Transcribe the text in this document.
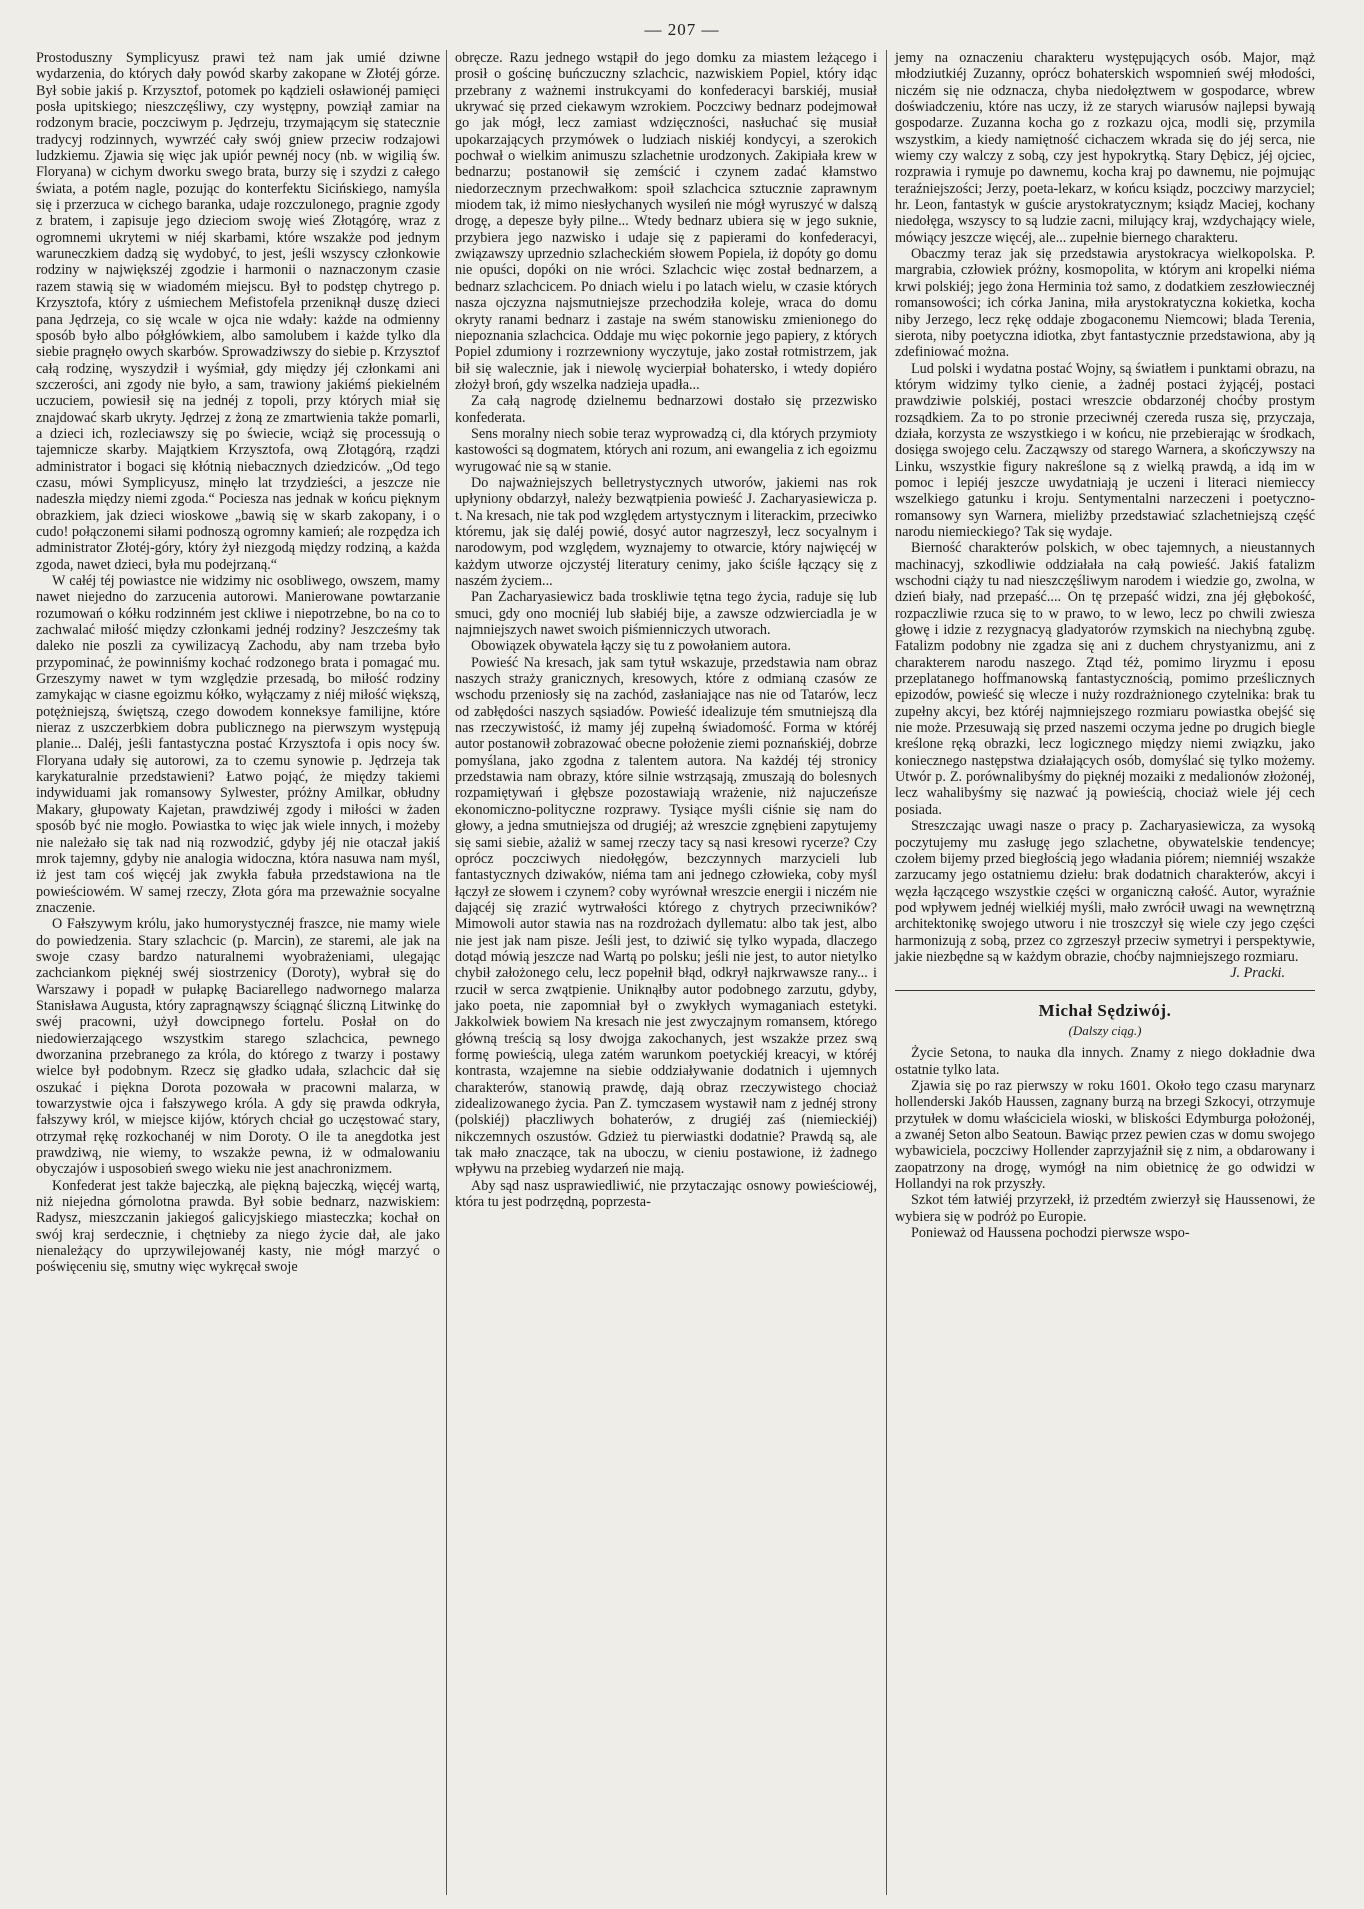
— 207 —

Prostoduszny Symplicyusz prawi też nam jak umié dziwne wydarzenia, do których dały powód skarby zakopane w Złotéj górze. Był sobie jakiś p. Krzysztof, potomek po kądzieli osławionéj pamięci posła upitskiego; nieszczęśliwy, czy występny, powziął zamiar na rodzonym bracie, poczciwym p. Jędrzeju, trzymającym się statecznie tradycyj rodzinnych, wywrzéć cały swój gniew przeciw rodzajowi ludzkiemu. Zjawia się więc jak upiór pewnéj nocy (nb. w wigilią św. Floryana) w cichym dworku swego brata, burzy się i szydzi z całego świata, a potém nagle, pozując do konterfektu Sicińskiego, namyśla się i przerzuca w cichego baranka, udaje rozczulonego, pragnie zgody z bratem, i zapisuje jego dzieciom swoję wieś Złotągórę, wraz z ogromnemi ukrytemi w niéj skarbami, które wszakże pod jednym waruneczkiem dadzą się wydobyć, to jest, jeśli wszyscy członkowie rodziny w największéj zgodzie i harmonii o naznaczonym czasie razem stawią się w wiadomém miejscu. Był to podstęp chytrego p. Krzysztofa, który z uśmiechem Mefistofela przeniknął duszę dzieci pana Jędrzeja, co się wcale w ojca nie wdały: każde na odmienny sposób było albo półgłówkiem, albo samolubem i każde tylko dla siebie pragnęło owych skarbów. Sprowadziwszy do siebie p. Krzysztof całą rodzinę, wyszydził i wyśmiał, gdy między jéj członkami ani szczerości, ani zgody nie było, a sam, trawiony jakiémś piekielném uczuciem, powiesił się na jednéj z topoli, przy których miał się znajdować skarb ukryty. Jędrzej z żoną ze zmartwienia także pomarli, a dzieci ich, rozleciawszy się po świecie, wciąż się processują o tajemnicze skarby. Majątkiem Krzysztofa, ową Złotągórą, rządzi administrator i bogaci się kłótnią niebacznych dziedziców. „Od tego czasu, mówi Symplicyusz, minęło lat trzydzieści, a jeszcze nie nadeszła między niemi zgoda.“ Pociesza nas jednak w końcu pięknym obrazkiem, jak dzieci wioskowe „bawią się w skarb zakopany, i o cudo! połączonemi siłami podnoszą ogromny kamień; ale rozpędza ich administrator Złotéj-góry, który żył niezgodą między rodziną, a każda zgoda, nawet dzieci, była mu podejrzaną.“

W całéj téj powiastce nie widzimy nic osobliwego, owszem, mamy nawet niejedno do zarzucenia autorowi. Manierowane powtarzanie rozumowań o kółku rodzinném jest ckliwe i niepotrzebne, bo na co to zachwalać miłość między członkami jednéj rodziny? Jeszcześmy tak daleko nie poszli za cywilizacyą Zachodu, aby nam trzeba było przypominać, że powinniśmy kochać rodzonego brata i pomagać mu. Grzeszymy nawet w tym względzie przesadą, bo miłość rodziny zamykając w ciasne egoizmu kółko, wyłączamy z niéj miłość większą, potężniejszą, świętszą, czego dowodem konneksye familijne, które nieraz z uszczerbkiem dobra publicznego na pierwszym występują planie... Daléj, jeśli fantastyczna postać Krzysztofa i opis nocy św. Floryana udały się autorowi, za to czemu synowie p. Jędrzeja tak karykaturalnie przedstawieni? Łatwo pojąć, że między takiemi indywiduami jak romansowy Sylwester, próżny Amilkar, obłudny Makary, głupowaty Kajetan, prawdziwéj zgody i miłości w żaden sposób być nie mogło. Powiastka to więc jak wiele innych, i możeby nie należało się tak nad nią rozwodzić, gdyby jéj nie otaczał jakiś mrok tajemny, gdyby nie analogia widoczna, która nasuwa nam myśl, iż jest tam coś więcéj jak zwykła fabuła przedstawiona na tle powieściowém. W samej rzeczy, Złota góra ma przeważnie socyalne znaczenie.

O Fałszywym królu, jako humorystycznéj fraszce, nie mamy wiele do powiedzenia. Stary szlachcic (p. Marcin), ze staremi, ale jak na swoje czasy bardzo naturalnemi wyobrażeniami, ulegając zachciankom pięknéj swéj siostrzenicy (Doroty), wybrał się do Warszawy i popadł w pułapkę Baciarellego nadwornego malarza Stanisława Augusta, który zapragnąwszy ściągnąć śliczną Litwinkę do swéj pracowni, użył dowcipnego fortelu. Posłał on do niedowierzającego wszystkim starego szlachcica, pewnego dworzanina przebranego za króla, do którego z twarzy i postawy wielce był podobnym. Rzecz się gładko udała, szlachcic dał się oszukać i piękna Dorota pozowała w pracowni malarza, w towarzystwie ojca i fałszywego króla. A gdy się prawda odkryła, fałszywy król, w miejsce kijów, których chciał go uczęstować stary, otrzymał rękę rozkochanéj w nim Doroty. O ile ta anegdotka jest prawdziwą, nie wiemy, to wszakże pewna, iż w odmalowaniu obyczajów i usposobień swego wieku nie jest anachronizmem.

Konfederat jest także bajeczką, ale piękną bajeczką, więcéj wartą, niż niejedna górnolotna prawda. Był sobie bednarz, nazwiskiem: Radysz, mieszczanin jakiegoś galicyjskiego miasteczka; kochał on swój kraj serdecznie, i chętnieby za niego życie dał, ale jako nienależący do uprzywilejowanéj kasty, nie mógł marzyć o poświęceniu się, smutny więc wykręcał swoje

obręcze. Razu jednego wstąpił do jego domku za miastem leżącego i prosił o gościnę buńczuczny szlachcic, nazwiskiem Popiel, który idąc przebrany z ważnemi instrukcyami do konfederacyi barskiéj, musiał ukrywać się przed ciekawym wzrokiem. Poczciwy bednarz podejmował go jak mógł, lecz zamiast wdzięczności, nasłuchać się musiał upokarzających przymówek o ludziach niskiéj kondycyi, a szerokich pochwał o wielkim animuszu szlachetnie urodzonych. Zakipiała krew w bednarzu; postanowił się zemścić i czynem zadać kłamstwo niedorzecznym przechwałkom: spoił szlachcica sztucznie zaprawnym miodem tak, iż mimo niesłychanych wysileń nie mógł wyruszyć w dalszą drogę, a depesze były pilne... Wtedy bednarz ubiera się w jego suknie, przybiera jego nazwisko i udaje się z papierami do konfederacyi, związawszy uprzednio szlacheckiém słowem Popiela, iż dopóty go domu nie opuści, dopóki on nie wróci. Szlachcic więc został bednarzem, a bednarz szlachcicem. Po dniach wielu i po latach wielu, w czasie których nasza ojczyzna najsmutniejsze przechodziła koleje, wraca do domu okryty ranami bednarz i zastaje na swém stanowisku zmienionego do niepoznania szlachcica. Oddaje mu więc pokornie jego papiery, z których Popiel zdumiony i rozrzewniony wyczytuje, jako został rotmistrzem, jak bił się walecznie, jak i niewolę wycierpiał bohatersko, i wtedy dopiéro złożył broń, gdy wszelka nadzieja upadła...

Za całą nagrodę dzielnemu bednarzowi dostało się przezwisko konfederata.

Sens moralny niech sobie teraz wyprowadzą ci, dla których przymioty kastowości są dogmatem, których ani rozum, ani ewangelia z ich egoizmu wyrugować nie są w stanie.

Do najważniejszych belletrystycznych utworów, jakiemi nas rok upłyniony obdarzył, należy bezwątpienia powieść J. Zacharyasiewicza p. t. Na kresach, nie tak pod względem artystycznym i literackim, przeciwko któremu, jak się daléj powié, dosyć autor nagrzeszył, lecz socyalnym i narodowym, pod względem, wyznajemy to otwarcie, który najwięcéj w każdym utworze ojczystéj literatury cenimy, jako ściśle łączący się z naszém życiem...

Pan Zacharyasiewicz bada troskliwie tętna tego życia, raduje się lub smuci, gdy ono mocniéj lub słabiéj bije, a zawsze odzwierciadla je w najmniejszych nawet swoich piśmienniczych utworach.

Obowiązek obywatela łączy się tu z powołaniem autora.

Powieść Na kresach, jak sam tytuł wskazuje, przedstawia nam obraz naszych straży granicznych, kresowych, które z odmianą czasów ze wschodu przeniosły się na zachód, zasłaniające nas nie od Tatarów, lecz od zabłędości naszych sąsiadów. Powieść idealizuje tém smutniejszą dla nas rzeczywistość, iż mamy jéj zupełną świadomość. Forma w któréj autor postanowił zobrazować obecne położenie ziemi poznańskiéj, dobrze pomyślana, jako zgodna z talentem autora. Na każdéj téj stronicy przedstawia nam obrazy, które silnie wstrząsają, zmuszają do bolesnych rozpamiętywań i głębsze pozostawiają wrażenie, niż najuczeńsze ekonomiczno-polityczne rozprawy. Tysiące myśli ciśnie się nam do głowy, a jedna smutniejsza od drugiéj; aż wreszcie zgnębieni zapytujemy się sami siebie, ażaliż w samej rzeczy tacy są nasi kresowi rycerze? Czy oprócz poczciwych niedołęgów, bezczynnych marzycieli lub fantastycznych dziwaków, niéma tam ani jednego człowieka, coby myśl łączył ze słowem i czynem? coby wyrównał wreszcie energii i niczém nie dającéj się zrazić wytrwałości którego z chytrych przeciwników? Mimowoli autor stawia nas na rozdrożach dyllematu: albo tak jest, albo nie jest jak nam pisze. Jeśli jest, to dziwić się tylko wypada, dlaczego dotąd mówią jeszcze nad Wartą po polsku; jeśli nie jest, to autor nietylko chybił założonego celu, lecz popełnił błąd, odkrył najkrwawsze rany... i rzucił w serca zwątpienie. Uniknąłby autor podobnego zarzutu, gdyby, jako poeta, nie zapomniał był o zwykłych wymaganiach estetyki. Jakkolwiek bowiem Na kresach nie jest zwyczajnym romansem, którego główną treścią są losy dwojga zakochanych, jest wszakże przez swą formę powieścią, ulega zatém warunkom poetyckiéj kreacyi, w któréj kontrasta, wzajemne na siebie oddziaływanie dodatnich i ujemnych charakterów, stanowią prawdę, dają obraz rzeczywistego chociaż zidealizowanego życia. Pan Z. tymczasem wystawił nam z jednéj strony (polskiéj) płaczliwych bohaterów, z drugiéj zaś (niemieckiéj) nikczemnych oszustów. Gdzież tu pierwiastki dodatnie? Prawdą są, ale tak mało znaczące, tak na uboczu, w cieniu postawione, iż żadnego wpływu na przebieg wydarzeń nie mają.

Aby sąd nasz usprawiedliwić, nie przytaczając osnowy powieściowéj, która tu jest podrzędną, poprzesta-

jemy na oznaczeniu charakteru występujących osób. Major, mąż młodziutkiéj Zuzanny, oprócz bohaterskich wspomnień swéj młodości, niczém się nie odznacza, chyba niedołęztwem w gospodarce, wbrew doświadczeniu, które nas uczy, iż ze starych wiarusów najlepsi bywają gospodarze. Zuzanna kocha go z rozkazu ojca, modli się, przymila wszystkim, a kiedy namiętność cichaczem wkrada się do jéj serca, nie wiemy czy walczy z sobą, czy jest hypokrytką. Stary Dębicz, jéj ojciec, rozprawia i rymuje po dawnemu, kocha kraj po dawnemu, nie pojmując teraźniejszości; Jerzy, poeta-lekarz, w końcu ksiądz, poczciwy marzyciel; hr. Leon, fantastyk w guście arystokratycznym; ksiądz Maciej, kochany niedołęga, wszyscy to są ludzie zacni, milujący kraj, wzdychający wiele, mówiący jeszcze więcéj, ale... zupełnie biernego charakteru.

Obaczmy teraz jak się przedstawia arystokracya wielkopolska. P. margrabia, człowiek próżny, kosmopolita, w którym ani kropelki niéma krwi polskiéj; jego żona Herminia toż samo, z dodatkiem zeszłowiecznéj romansowości; ich córka Janina, miła arystokratyczna kokietka, kocha niby Jerzego, lecz rękę oddaje zbogaconemu Niemcowi; blada Terenia, sierota, niby poetyczna idiotka, zbyt fantastycznie przedstawiona, aby ją zdefiniować można.

Lud polski i wydatna postać Wojny, są światłem i punktami obrazu, na którym widzimy tylko cienie, a żadnéj postaci żyjącéj, postaci prawdziwie polskiéj, postaci wreszcie obdarzonéj choćby prostym rozsądkiem. Za to po stronie przeciwnéj czereda rusza się, przyczaja, działa, korzysta ze wszystkiego i w końcu, nie przebierając w środkach, dosięga swojego celu. Zacząwszy od starego Warnera, a skończywszy na Linku, wszystkie figury nakreślone są z wielką prawdą, a idą im w pomoc i lepiéj jeszcze uwydatniają je uczeni i literaci niemieccy wszelkiego gatunku i kroju. Sentymentalni narzeczeni i poetyczno-romansowy syn Warnera, mieliżby przedstawiać szlachetniejszą część narodu niemieckiego? Tak się wydaje.

Bierność charakterów polskich, w obec tajemnych, a nieustannych machinacyj, szkodliwie oddziałała na całą powieść. Jakiś fatalizm wschodni ciąży tu nad nieszczęśliwym narodem i wiedzie go, zwolna, w dzień biały, nad przepaść.... On tę przepaść widzi, zna jéj głębokość, rozpaczliwie rzuca się to w prawo, to w lewo, lecz po chwili zwiesza głowę i idzie z rezygnacyą gladyatorów rzymskich na niechybną zgubę. Fatalizm podobny nie zgadza się ani z duchem chrystyanizmu, ani z charakterem narodu naszego. Ztąd téż, pomimo liryzmu i eposu przeplatanego hoffmanowską fantastycznością, pomimo prześlicznych epizodów, powieść się wlecze i nuży rozdrażnionego czytelnika: brak tu zupełny akcyi, bez któréj najmniejszego rozmiaru powiastka obejść się nie może. Przesuwają się przed naszemi oczyma jedne po drugich biegle kreślone ręką obrazki, lecz logicznego między niemi związku, jako koniecznego następstwa działających osób, domyślać się tylko możemy. Utwór p. Z. porównalibyśmy do pięknéj mozaiki z medalionów złożonéj, lecz wahalibyśmy się nazwać ją powieścią, chociaż wiele jéj cech posiada.

Streszczając uwagi nasze o pracy p. Zacharyasiewicza, za wysoką poczytujemy mu zasługę jego szlachetne, obywatelskie tendencye; czołem bijemy przed biegłością jego władania piórem; niemniéj wszakże zarzucamy jego ostatniemu dziełu: brak dodatnich charakterów, akcyi i węzła łączącego wszystkie części w organiczną całość. Autor, wyraźnie pod wpływem jednéj wielkiéj myśli, mało zwrócił uwagi na wewnętrzną architektonikę swojego utworu i nie troszczył się wiele czy jego części harmonizują z sobą, przez co zgrzeszył przeciw symetryi i perspektywie, jakie niezbędne są w każdym obrazie, choćby najmniejszego rozmiaru.

J. Pracki.
Michał Sędziwój.
(Dalszy ciąg.)

Życie Setona, to nauka dla innych. Znamy z niego dokładnie dwa ostatnie tylko lata.

Zjawia się po raz pierwszy w roku 1601. Około tego czasu marynarz hollenderski Jakób Haussen, zagnany burzą na brzegi Szkocyi, otrzymuje przytułek w domu właściciela wioski, w bliskości Edymburga położonéj, a zwanéj Seton albo Seatoun. Bawiąc przez pewien czas w domu swojego wybawiciela, poczciwy Hollender zaprzyjaźnił się z nim, a obdarowany i zaopatrzony na drogę, wymógł na nim obietnicę że go odwidzi w Hollandyi na rok przyszły.

Szkot tém łatwiéj przyrzekł, iż przedtém zwierzył się Haussenowi, że wybiera się w podróż po Europie.

Ponieważ od Haussena pochodzi pierwsze wspo-
